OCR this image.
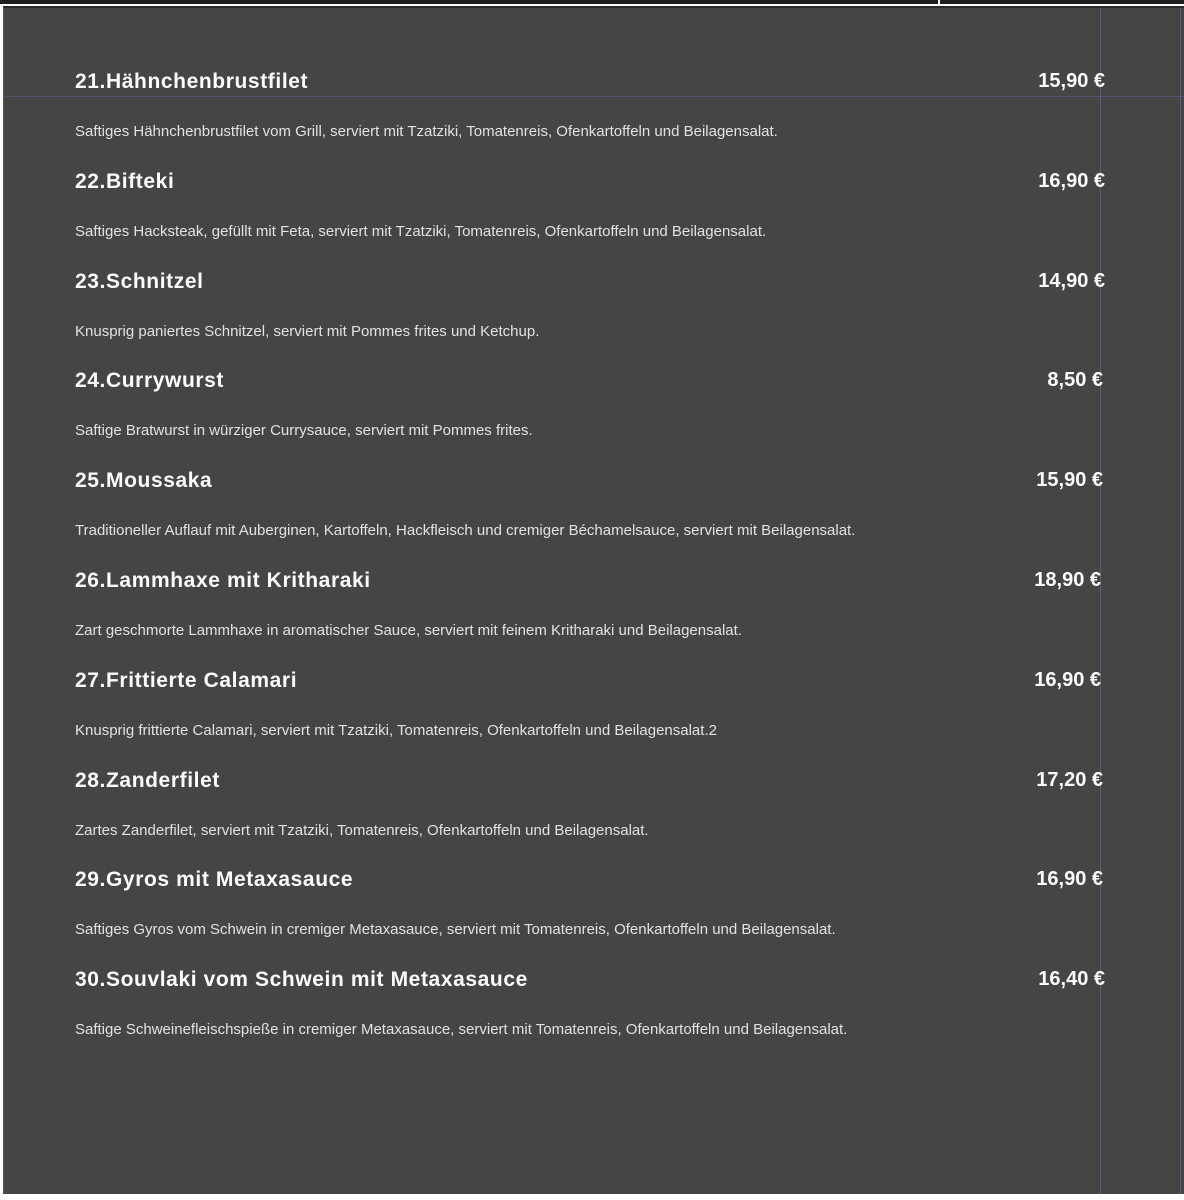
21.Hähnchenbrustfilet	15,90 €
Saftiges Hähnchenbrustfilet vom Grill, serviert mit Tzatziki, Tomatenreis, Ofenkartoffeln und Beilagensalat.
22.Bifteki	16,90 €
Saftiges Hacksteak, gefüllt mit Feta, serviert mit Tzatziki, Tomatenreis, Ofenkartoffeln und Beilagensalat.
23.Schnitzel	14,90 €
Knusprig paniertes Schnitzel, serviert mit Pommes frites und Ketchup.
24.Currywurst	8,50 €
Saftige Bratwurst in würziger Currysauce, serviert mit Pommes frites.
25.Moussaka	15,90 €
Traditioneller Auflauf mit Auberginen, Kartoffeln, Hackfleisch und cremiger Béchamelsauce, serviert mit Beilagensalat.
26.Lammhaxe mit Kritharaki	18,90 €
Zart geschmorte Lammhaxe in aromatischer Sauce, serviert mit feinem Kritharaki und Beilagensalat.
27.Frittierte Calamari	16,90 €
Knusprig frittierte Calamari, serviert mit Tzatziki, Tomatenreis, Ofenkartoffeln und Beilagensalat.2
28.Zanderfilet	17,20 €
Zartes Zanderfilet, serviert mit Tzatziki, Tomatenreis, Ofenkartoffeln und Beilagensalat.
29.Gyros mit Metaxasauce	16,90 €
Saftiges Gyros vom Schwein in cremiger Metaxasauce, serviert mit Tomatenreis, Ofenkartoffeln und Beilagensalat.
30.Souvlaki vom Schwein mit Metaxasauce	16,40 €
Saftige Schweinefleischspieße in cremiger Metaxasauce, serviert mit Tomatenreis, Ofenkartoffeln und Beilagensalat.
